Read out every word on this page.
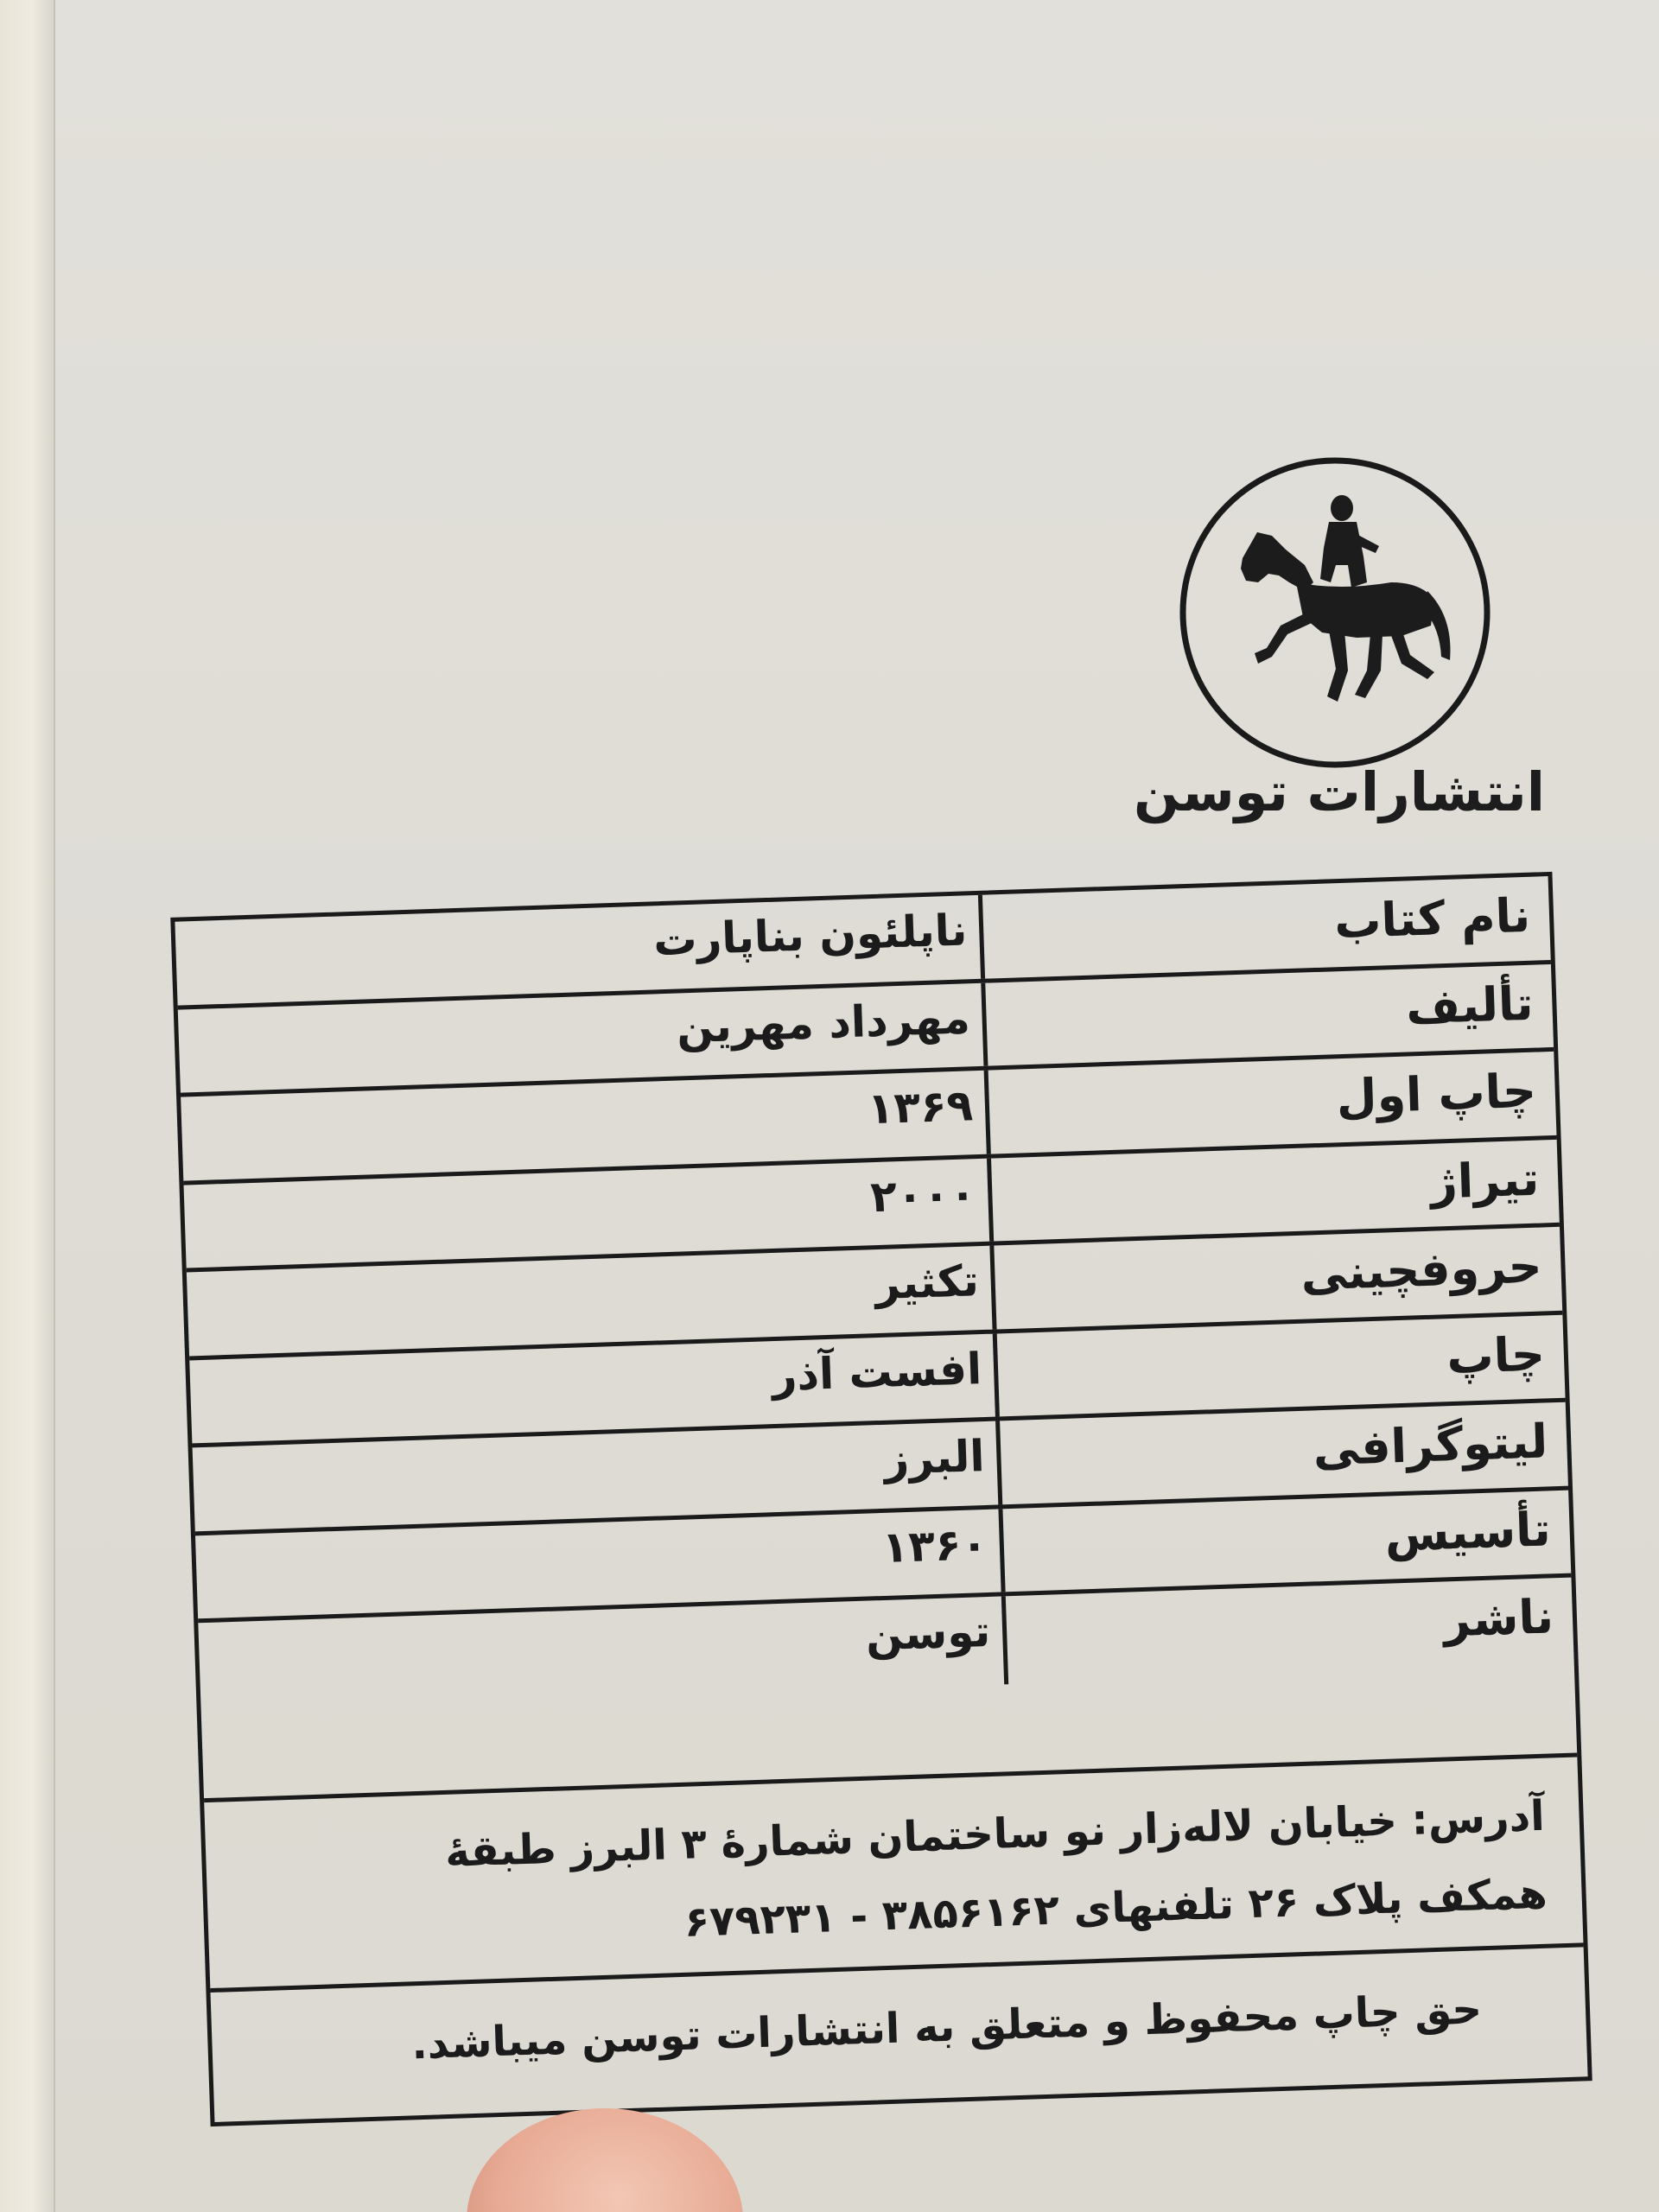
انتشارات توسن
نام کتاب
ناپلئون بناپارت
تألیف
مهرداد مهرین
چاپ اول
۱۳۶۹
تیراژ
۲۰۰۰
حروفچینی
تکثیر
چاپ
افست آذر
لیتوگرافی
البرز
تأسیس
۱۳۶۰
ناشر
توسن
آدرس: خیابان لاله‌زار نو ساختمان شمارهٔ ۳ البرز طبقهٔ
همکف پلاک ۲۶ تلفنهای ۳۸۵۶۱۶۲ - ۶۷۹۲۳۱
حق چاپ محفوظ و متعلق به انتشارات توسن میباشد.
